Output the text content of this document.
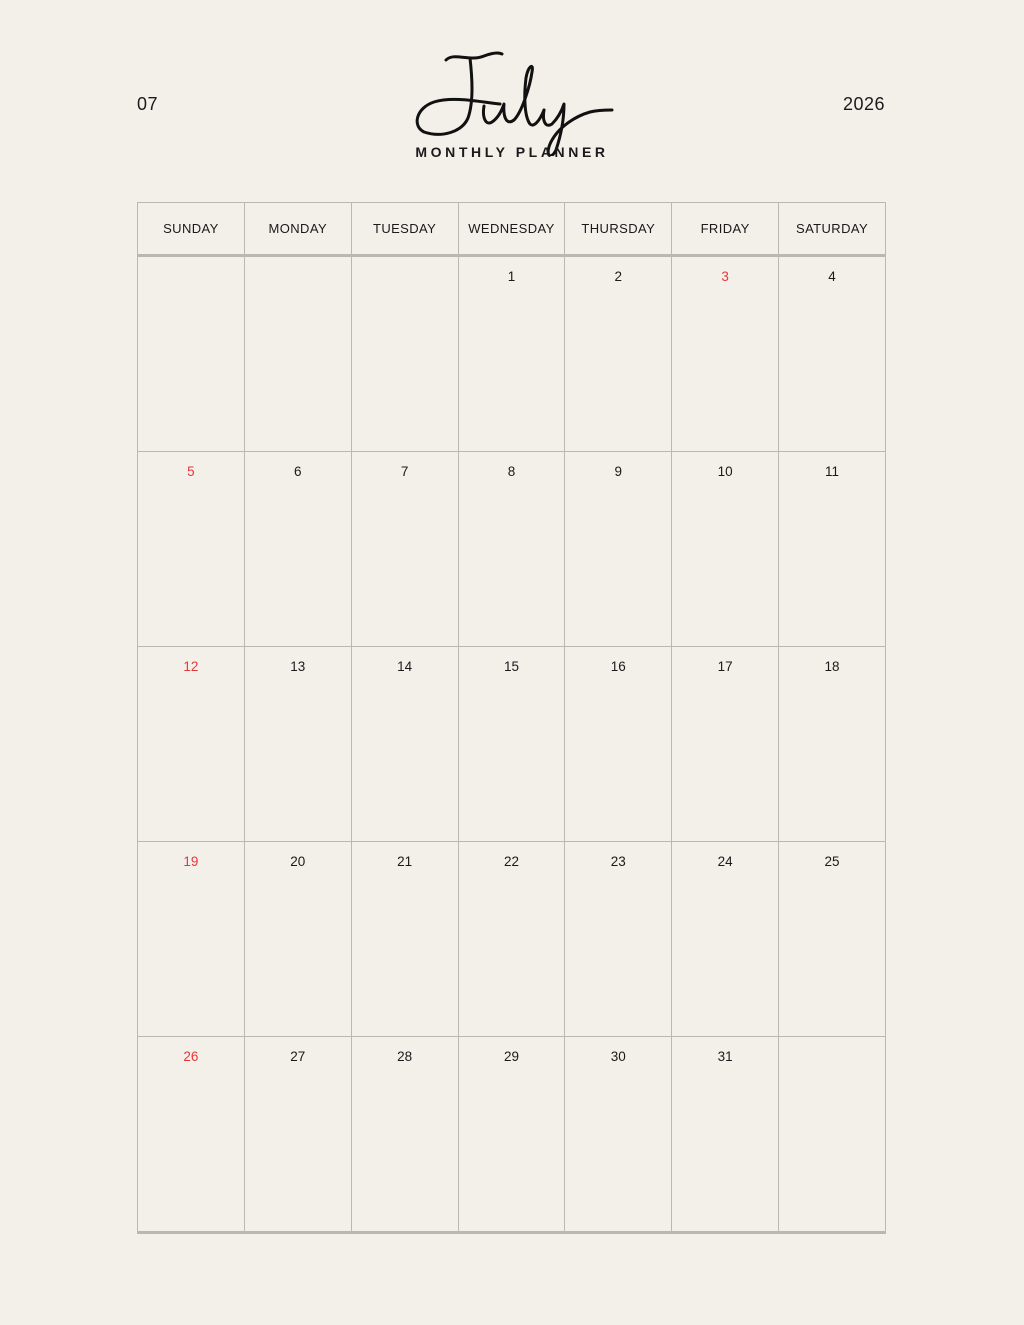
07	2026
MONTHLY PLANNER
SUNDAY	MONDAY	TUESDAY	WEDNESDAY	THURSDAY	FRIDAY	SATURDAY

			1	2	3	4

5	6	7	8	9	10	11

12	13	14	15	16	17	18

19	20	21	22	23	24	25

26	27	28	29	30	31	
